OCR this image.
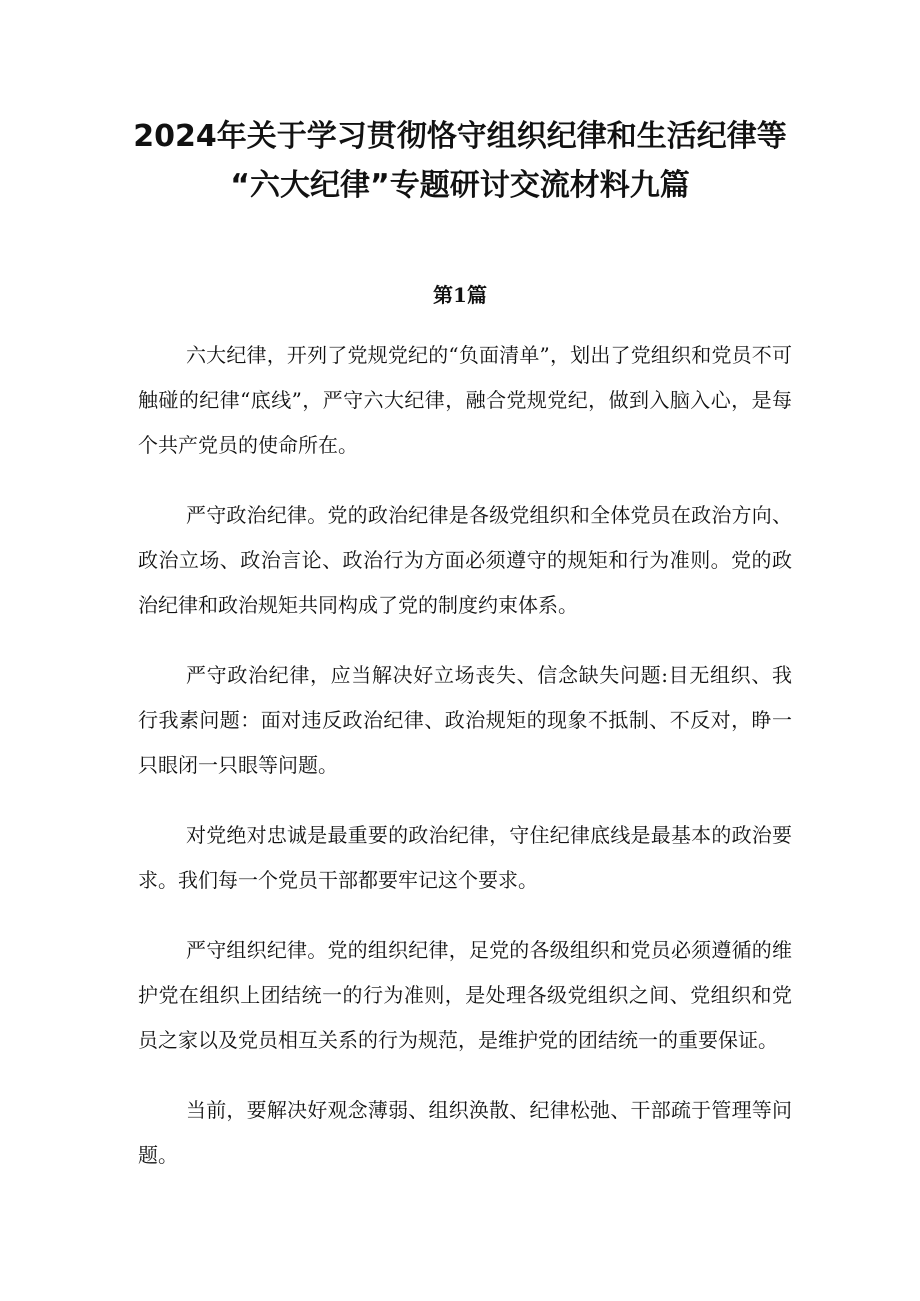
2024年关于学习贯彻恪守组织纪律和生活纪律等
“六大纪律”专题研讨交流材料九篇
第1篇

六大纪律，开列了党规党纪的“负面清单”，划出了党组织和党员不可触碰的纪律“底线”，严守六大纪律，融合党规党纪，做到入脑入心，是每个共产党员的使命所在。

严守政治纪律。党的政治纪律是各级党组织和全体党员在政治方向、政治立场、政治言论、政治行为方面必须遵守的规矩和行为准则。党的政治纪律和政治规矩共同构成了党的制度约束体系。

严守政治纪律，应当解决好立场丧失、信念缺失问题:目无组织、我行我素问题：面对违反政治纪律、政治规矩的现象不抵制、不反对，睁一只眼闭一只眼等问题。

对党绝对忠诚是最重要的政治纪律，守住纪律底线是最基本的政治要求。我们每一个党员干部都要牢记这个要求。

严守组织纪律。党的组织纪律，足党的各级组织和党员必须遵循的维护党在组织上团结统一的行为准则，是处理各级党组织之间、党组织和党员之家以及党员相互关系的行为规范，是维护党的团结统一的重要保证。

当前，要解决好观念薄弱、组织涣散、纪律松弛、干部疏于管理等问题。
